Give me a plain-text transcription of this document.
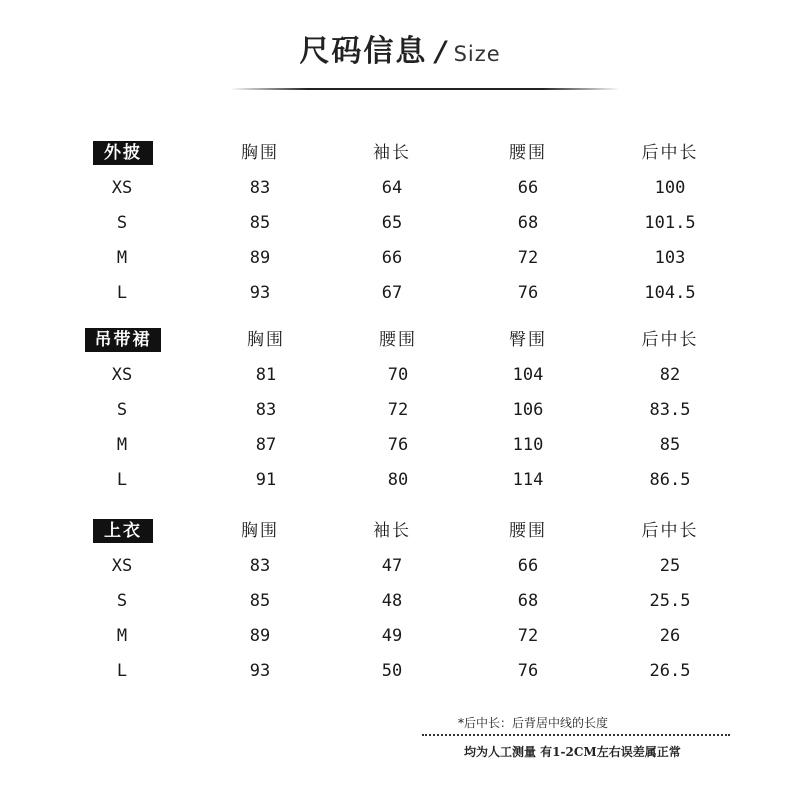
尺码信息 / Size
外披	胸围	袖长	腰围	后中长
XS	83	64	66	100
S	85	65	68	101.5
M	89	66	72	103
L	93	67	76	104.5
吊带裙	胸围	腰围	臀围	后中长
XS	81	70	104	82
S	83	72	106	83.5
M	87	76	110	85
L	91	80	114	86.5
上衣	胸围	袖长	腰围	后中长
XS	83	47	66	25
S	85	48	68	25.5
M	89	49	72	26
L	93	50	76	26.5
*后中长：后背居中线的长度
均为人工测量 有1-2CM左右误差属正常
